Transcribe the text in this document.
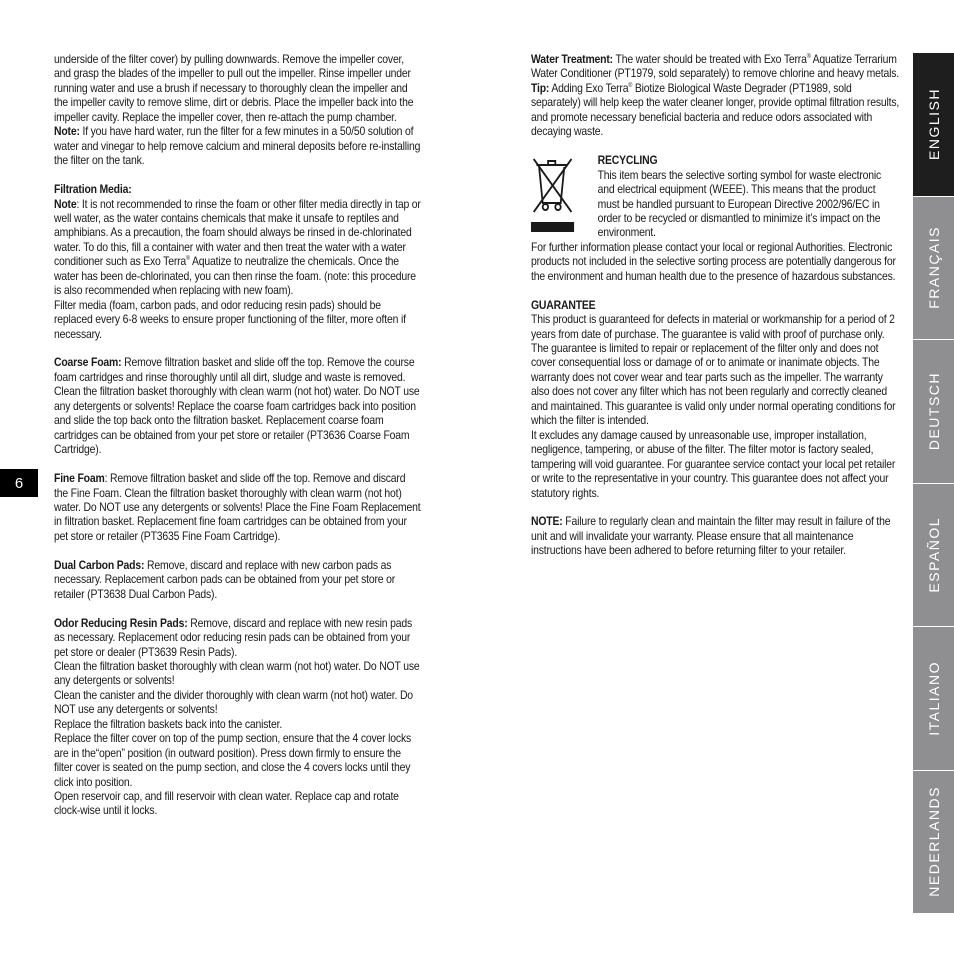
underside of the filter cover) by pulling downwards. Remove the impeller cover, and grasp the blades of the impeller to pull out the impeller. Rinse impeller under running water and use a brush if necessary to thoroughly clean the impeller and the impeller cavity to remove slime, dirt or debris. Place the impeller back into the impeller cavity. Replace the impeller cover, then re-attach the pump chamber.
Note: If you have hard water, run the filter for a few minutes in a 50/50 solution of water and vinegar to help remove calcium and mineral deposits before re-installing the filter on the tank.

Filtration Media:
Note: It is not recommended to rinse the foam or other filter media directly in tap or well water, as the water contains chemicals that make it unsafe to reptiles and amphibians. As a precaution, the foam should always be rinsed in de-chlorinated water. To do this, fill a container with water and then treat the water with a water conditioner such as Exo Terra® Aquatize to neutralize the chemicals. Once the water has been de-chlorinated, you can then rinse the foam. (note: this procedure is also recommended when replacing with new foam).
Filter media (foam, carbon pads, and odor reducing resin pads) should be replaced every 6-8 weeks to ensure proper functioning of the filter, more often if necessary.

Coarse Foam: Remove filtration basket and slide off the top. Remove the course foam cartridges and rinse thoroughly until all dirt, sludge and waste is removed. Clean the filtration basket thoroughly with clean warm (not hot) water. Do NOT use any detergents or solvents! Replace the coarse foam cartridges back into position and slide the top back onto the filtration basket. Replacement coarse foam cartridges can be obtained from your pet store or retailer (PT3636 Coarse Foam Cartridge).

Fine Foam: Remove filtration basket and slide off the top. Remove and discard the Fine Foam. Clean the filtration basket thoroughly with clean warm (not hot) water. Do NOT use any detergents or solvents! Place the Fine Foam Replacement in filtration basket. Replacement fine foam cartridges can be obtained from your pet store or retailer (PT3635 Fine Foam Cartridge).

Dual Carbon Pads: Remove, discard and replace with new carbon pads as necessary. Replacement carbon pads can be obtained from your pet store or retailer (PT3638 Dual Carbon Pads).

Odor Reducing Resin Pads: Remove, discard and replace with new resin pads as necessary. Replacement odor reducing resin pads can be obtained from your pet store or dealer (PT3639 Resin Pads).
Clean the filtration basket thoroughly with clean warm (not hot) water. Do NOT use any detergents or solvents!
Clean the canister and the divider thoroughly with clean warm (not hot) water. Do NOT use any detergents or solvents!
Replace the filtration baskets back into the canister.
Replace the filter cover on top of the pump section, ensure that the 4 cover locks are in the“open” position (in outward position). Press down firmly to ensure the filter cover is seated on the pump section, and close the 4 covers locks until they click into position.
Open reservoir cap, and fill reservoir with clean water. Replace cap and rotate clock-wise until it locks.

Water Treatment: The water should be treated with Exo Terra® Aquatize Terrarium Water Conditioner (PT1979, sold separately) to remove chlorine and heavy metals.
Tip: Adding Exo Terra® Biotize Biological Waste Degrader (PT1989, sold separately) will help keep the water cleaner longer, provide optimal filtration results, and promote necessary beneficial bacteria and reduce odors associated with decaying waste.

RECYCLING
This item bears the selective sorting symbol for waste electronic and electrical equipment (WEEE). This means that the product must be handled pursuant to European Directive 2002/96/EC in order to be recycled or dismantled to minimize it’s impact on the environment.

For further information please contact your local or regional Authorities. Electronic products not included in the selective sorting process are potentially dangerous for the environment and human health due to the presence of hazardous substances.

GUARANTEE
This product is guaranteed for defects in material or workmanship for a period of 2 years from date of purchase. The guarantee is valid with proof of purchase only. The guarantee is limited to repair or replacement of the filter only and does not cover consequential loss or damage of or to animate or inanimate objects. The warranty does not cover wear and tear parts such as the impeller. The warranty also does not cover any filter which has not been regularly and correctly cleaned and maintained. This guarantee is valid only under normal operating conditions for which the filter is intended.
It excludes any damage caused by unreasonable use, improper installation, negligence, tampering, or abuse of the filter. The filter motor is factory sealed, tampering will void guarantee. For guarantee service contact your local pet retailer or write to the representative in your country. This guarantee does not affect your statutory rights.

NOTE: Failure to regularly clean and maintain the filter may result in failure of the unit and will invalidate your warranty. Please ensure that all maintenance instructions have been adhered to before returning filter to your retailer.

6
ENGLISH
FRANÇAIS
DEUTSCH
ESPAÑOL
ITALIANO
NEDERLANDS
